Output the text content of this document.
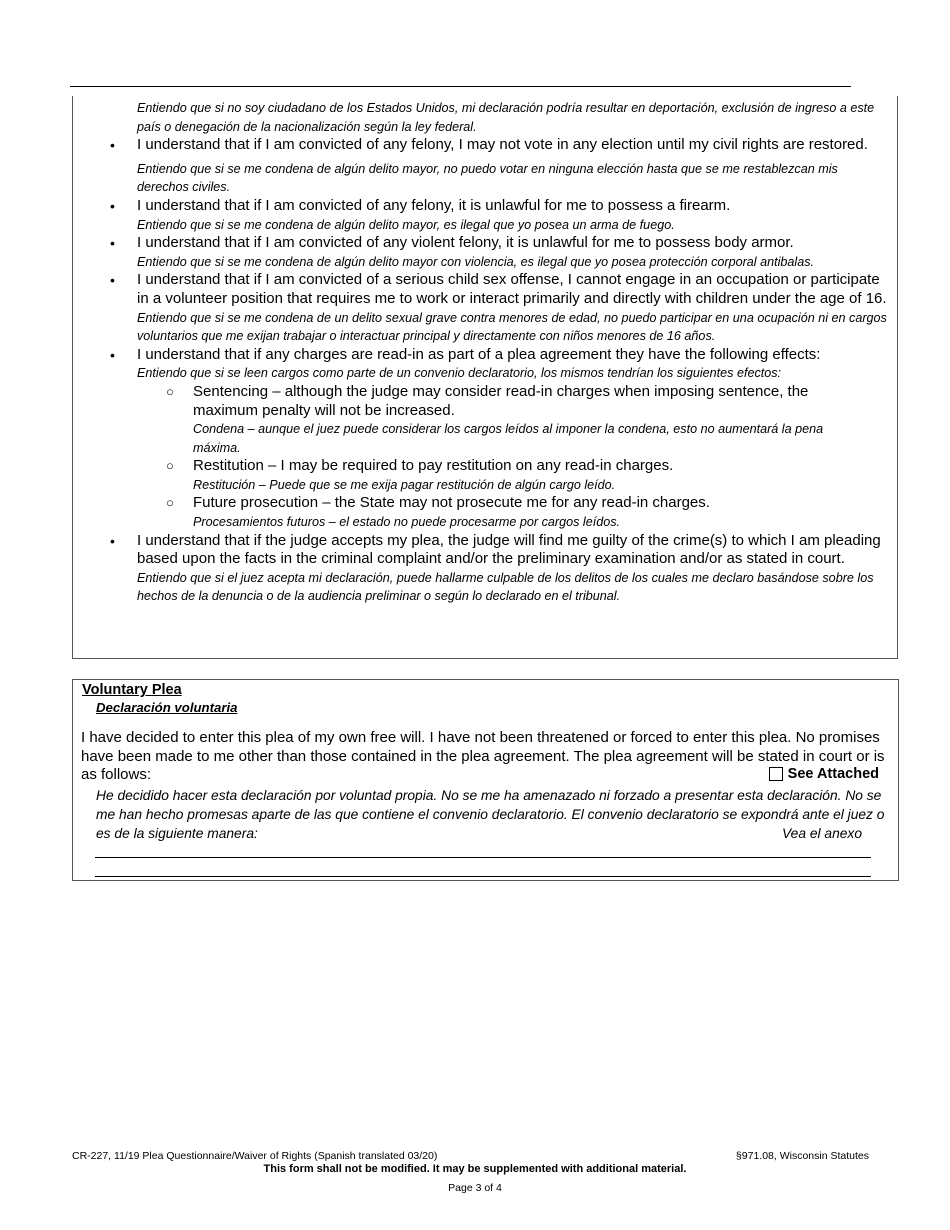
Entiendo que si no soy ciudadano de los Estados Unidos, mi declaración podría resultar en deportación, exclusión de ingreso a este país o denegación de la nacionalización según la ley federal.
• I understand that if I am convicted of any felony, I may not vote in any election until my civil rights are restored.
Entiendo que si se me condena de algún delito mayor, no puedo votar en ninguna elección hasta que se me restablezcan mis derechos civiles.
• I understand that if I am convicted of any felony, it is unlawful for me to possess a firearm.
Entiendo que si se me condena de algún delito mayor, es ilegal que yo posea un arma de fuego.
• I understand that if I am convicted of any violent felony, it is unlawful for me to possess body armor.
Entiendo que si se me condena de algún delito mayor con violencia, es ilegal que yo posea protección corporal antibalas.
• I understand that if I am convicted of a serious child sex offense, I cannot engage in an occupation or participate in a volunteer position that requires me to work or interact primarily and directly with children under the age of 16.
Entiendo que si se me condena de un delito sexual grave contra menores de edad, no puedo participar en una ocupación ni en cargos voluntarios que me exijan trabajar o interactuar principal y directamente con niños menores de 16 años.
• I understand that if any charges are read-in as part of a plea agreement they have the following effects:
Entiendo que si se leen cargos como parte de un convenio declaratorio, los mismos tendrían los siguientes efectos:
○ Sentencing – although the judge may consider read-in charges when imposing sentence, the maximum penalty will not be increased.
Condena – aunque el juez puede considerar los cargos leídos al imponer la condena, esto no aumentará la pena máxima.
○ Restitution – I may be required to pay restitution on any read-in charges.
Restitución – Puede que se me exija pagar restitución de algún cargo leído.
○ Future prosecution – the State may not prosecute me for any read-in charges.
Procesamientos futuros – el estado no puede procesarme por cargos leídos.
• I understand that if the judge accepts my plea, the judge will find me guilty of the crime(s) to which I am pleading based upon the facts in the criminal complaint and/or the preliminary examination and/or as stated in court.
Entiendo que si el juez acepta mi declaración, puede hallarme culpable de los delitos de los cuales me declaro basándose sobre los hechos de la denuncia o de la audiencia preliminar o según lo declarado en el tribunal.
Voluntary Plea
Declaración voluntaria
I have decided to enter this plea of my own free will. I have not been threatened or forced to enter this plea. No promises have been made to me other than those contained in the plea agreement. The plea agreement will be stated in court or is as follows:	See Attached
He decidido hacer esta declaración por voluntad propia. No se me ha amenazado ni forzado a presentar esta declaración. No se me han hecho promesas aparte de las que contiene el convenio declaratorio. El convenio declaratorio se expondrá ante el juez o es de la siguiente manera:	Vea el anexo
CR-227, 11/19 Plea Questionnaire/Waiver of Rights (Spanish translated 03/20)	§971.08, Wisconsin Statutes
This form shall not be modified. It may be supplemented with additional material.
Page 3 of 4
